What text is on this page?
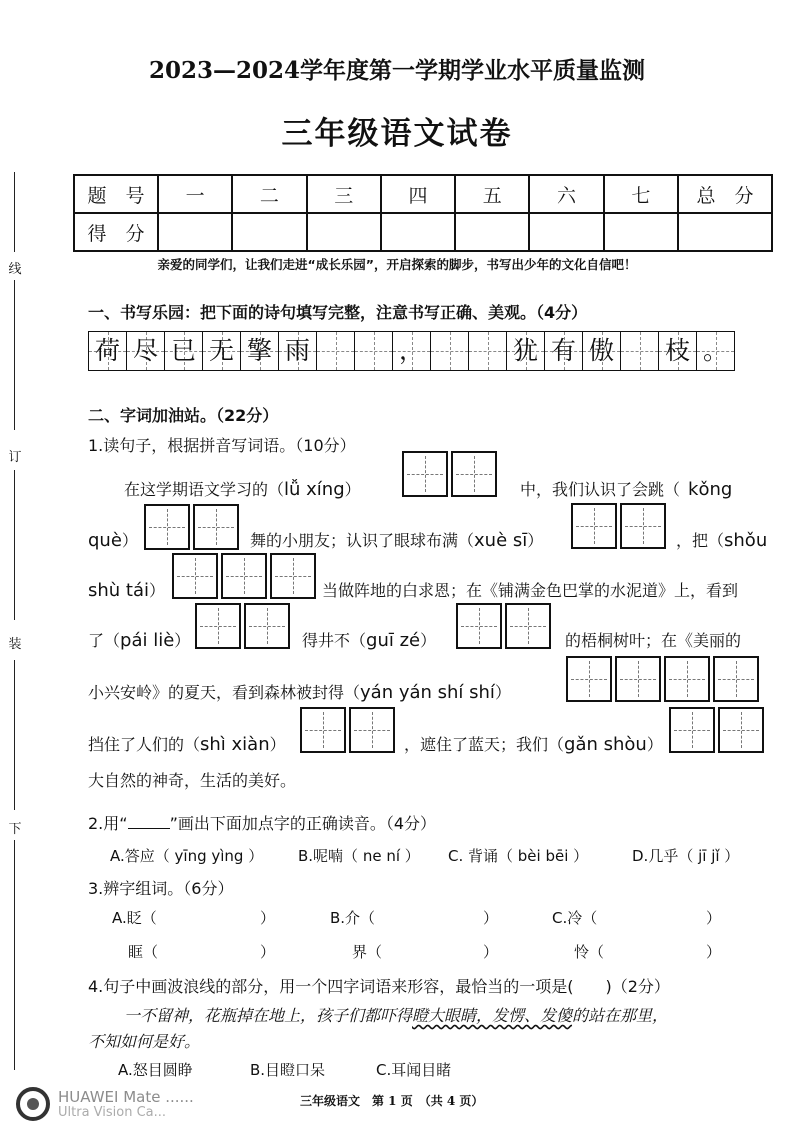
线
订
装
下
2023—2024学年度第一学期学业水平质量监测
三年级语文试卷
题　号	一	二	三	四	五	六	七	总　分
得　分								
亲爱的同学们，让我们走进“成长乐园”，开启探索的脚步，书写出少年的文化自信吧！
一、书写乐园：把下面的诗句填写完整，注意书写正确、美观。（4分）
荷 尽 已 无 擎 雨	，	犹 有 傲 枝 。
二、字词加油站。（22分）
1.读句子，根据拼音写词语。（10分）
在这学期语文学习的（lǚ xíng）	中，我们认识了会跳（ kǒng
què）	舞的小朋友；认识了眼球布满（xuè sī）	，把（shǒu
shù tái）	当做阵地的白求恩；在《铺满金色巴掌的水泥道》上，看到
了（pái liè）	得井不（guī zé）	的梧桐树叶；在《美丽的
小兴安岭》的夏天，看到森林被封得（yán yán shí shí）
挡住了人们的（shì xiàn）	，遮住了蓝天；我们（gǎn shòu）
大自然的神奇，生活的美好。
2.用“	”画出下面加点字的正确读音。（4分）
A.答应（ yīng yìng ） B.呢喃（ ne ní ） C. 背诵（ bèi bēi ）	D.几乎（ jī jǐ ）
3.辨字组词。（6分）
A.眨（	）	B.介（	）	C.冷（	）
眶（	）	界（	）	怜（	）
4.句子中画波浪线的部分，用一个四字词语来形容，最恰当的一项是(　　)（2分）
一不留神，花瓶掉在地上，孩子们都吓得瞪大眼睛，发愣、发傻的站在那里，
不知如何是好。
A.怒目圆睁	B.目瞪口呆	C.耳闻目睹
HUAWEI Mate ......
Ultra Vision Ca...
三年级语文　第 1 页　（共 4 页）
